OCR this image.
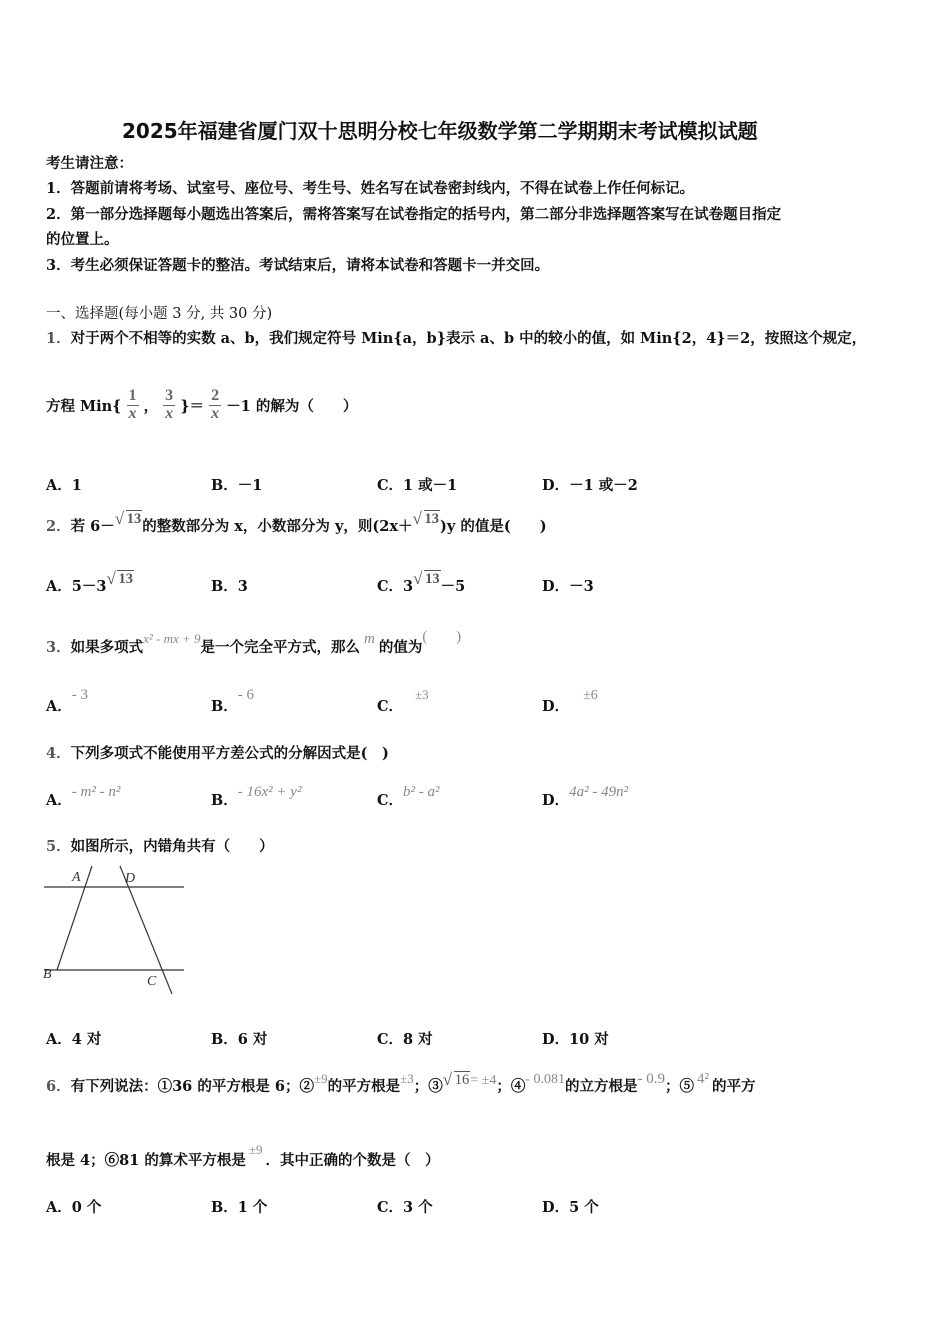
2025年福建省厦门双十思明分校七年级数学第二学期期末考试模拟试题
考生请注意：
1．答题前请将考场、试室号、座位号、考生号、姓名写在试卷密封线内，不得在试卷上作任何标记。
2．第一部分选择题每小题选出答案后，需将答案写在试卷指定的括号内，第二部分非选择题答案写在试卷题目指定
的位置上。
3．考生必须保证答题卡的整洁。考试结束后，请将本试卷和答题卡一并交回。
一、选择题(每小题 3 分, 共 30 分)
1．对于两个不相等的实数 a、b，我们规定符号 Min{a，b}表示 a、b 中的较小的值，如 Min{2，4}＝2，按照这个规定，
方程 $Min\{ \frac{1}{x}$ ， $\frac{3}{x}$ }＝ $\frac{2}{x} -1$ 的解为（　　）
A．1	B．－1	C．1 或－1	D．－1 或－2
2．若 6－ √ 13的整数部分为 x，小数部分为 y，则(2x＋ √ 13)y 的值是(　　)
A．5－3 √ 13	B．3	C．3 √ 13－5	D．－3
3．如果多项式x² - mx + 9是一个完全平方式，那么 m 的值为(　　)
A．- 3
B．- 6
C．±3
D．±6
4．下列多项式不能使用平方差公式的分解因式是(　)
A．- m² - n²	B．- 16x² + y²	C．b² - a²	D．4a² - 49n²
5．如图所示，内错角共有（　　）
A	D
B	C
A．4 对	B．6 对	C．8 对	D．10 对
6．有下列说法：①36 的平方根是 6；②±9的平方根是±3；③ √ 16= ±4；④- 0.081的立方根是- 0.9；⑤ 4² 的平方
根是 4；⑥81 的算术平方根是±9．其中正确的个数是（　）
A．0 个	B．1 个	C．3 个	D．5 个
